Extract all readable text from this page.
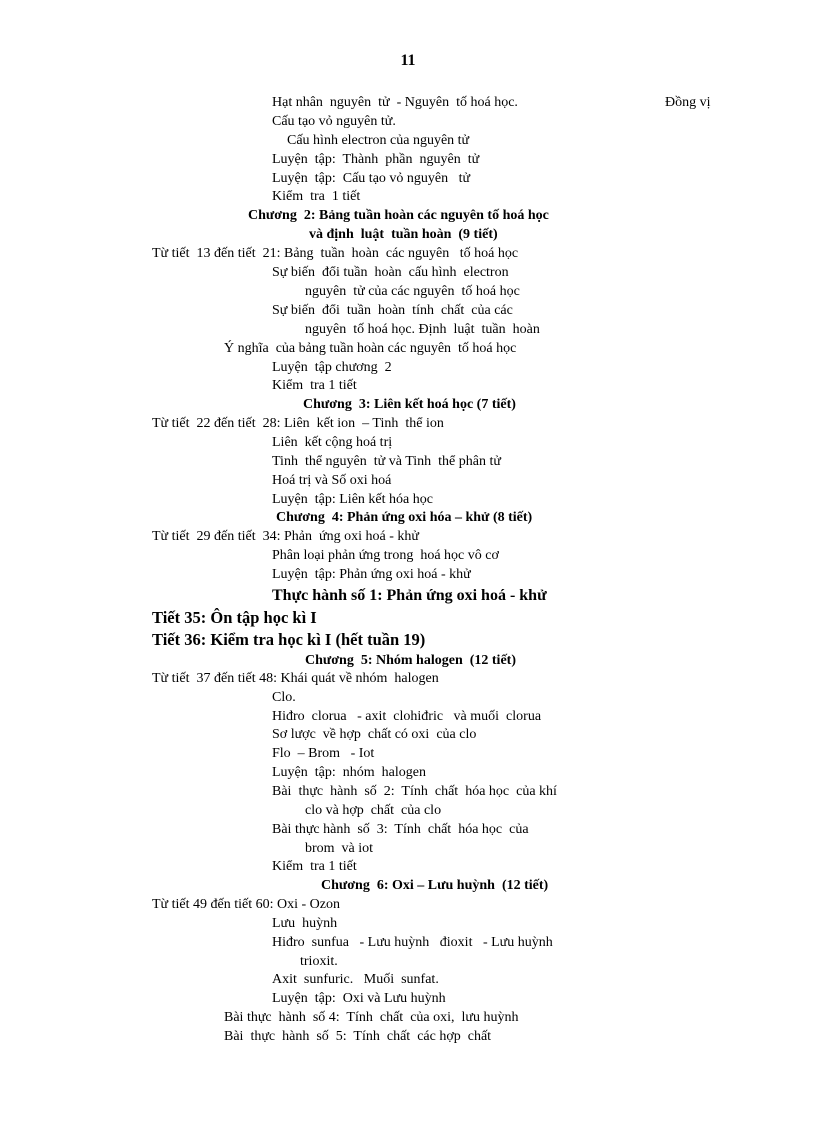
11
Hạt nhân  nguyên  tử  - Nguyên  tố hoá học.	Đồng vị
Cấu tạo vỏ nguyên tử.
Cấu hình electron của nguyên tử
Luyện  tập:  Thành  phần  nguyên  tử
Luyện  tập:  Cấu tạo vỏ nguyên   tử
Kiểm  tra  1 tiết
Chương  2: Bảng tuần hoàn các nguyên tố hoá học
và định  luật  tuần hoàn  (9 tiết)
Từ tiết  13 đến tiết  21: Bảng  tuần  hoàn  các nguyên   tố hoá học
Sự biến  đổi tuần  hoàn  cấu hình  electron
nguyên  tử của các nguyên  tố hoá học
Sự biến  đổi  tuần  hoàn  tính  chất  của các
nguyên  tố hoá học. Định  luật  tuần  hoàn
Ý nghĩa  của bảng tuần hoàn các nguyên  tố hoá học
Luyện  tập chương  2
Kiểm  tra 1 tiết
Chương  3: Liên kết hoá học (7 tiết)
Từ tiết  22 đến tiết  28: Liên  kết ion  – Tinh  thể ion
Liên  kết cộng hoá trị
Tinh  thể nguyên  tử và Tinh  thể phân tử
Hoá trị và Số oxi hoá
Luyện  tập: Liên kết hóa học
Chương  4: Phản ứng oxi hóa – khử (8 tiết)
Từ tiết  29 đến tiết  34: Phản  ứng oxi hoá - khử
Phân loại phản ứng trong  hoá học vô cơ
Luyện  tập: Phản ứng oxi hoá - khử
Thực hành số 1: Phản ứng oxi hoá - khử
Tiết 35: Ôn tập học kì I
Tiết 36: Kiểm tra học kì I (hết tuần 19)
Chương  5: Nhóm halogen  (12 tiết)
Từ tiết  37 đến tiết 48: Khái quát về nhóm  halogen
Clo.
Hiđro  clorua   - axit  clohiđric   và muối  clorua
Sơ lược  về hợp  chất có oxi  của clo
Flo  – Brom   - Iot
Luyện  tập:  nhóm  halogen
Bài  thực  hành  số  2:  Tính  chất  hóa học  của khí
clo và hợp  chất  của clo
Bài thực hành  số  3:  Tính  chất  hóa học  của
brom  và iot
Kiểm  tra 1 tiết
Chương  6: Oxi – Lưu huỳnh  (12 tiết)
Từ tiết 49 đến tiết 60: Oxi - Ozon
Lưu  huỳnh
Hiđro  sunfua   - Lưu huỳnh   đioxit   - Lưu huỳnh
trioxit.
Axit  sunfuric.   Muối  sunfat.
Luyện  tập:  Oxi và Lưu huỳnh
Bài thực  hành  số 4:  Tính  chất  của oxi,  lưu huỳnh
Bài  thực  hành  số  5:  Tính  chất  các hợp  chất
